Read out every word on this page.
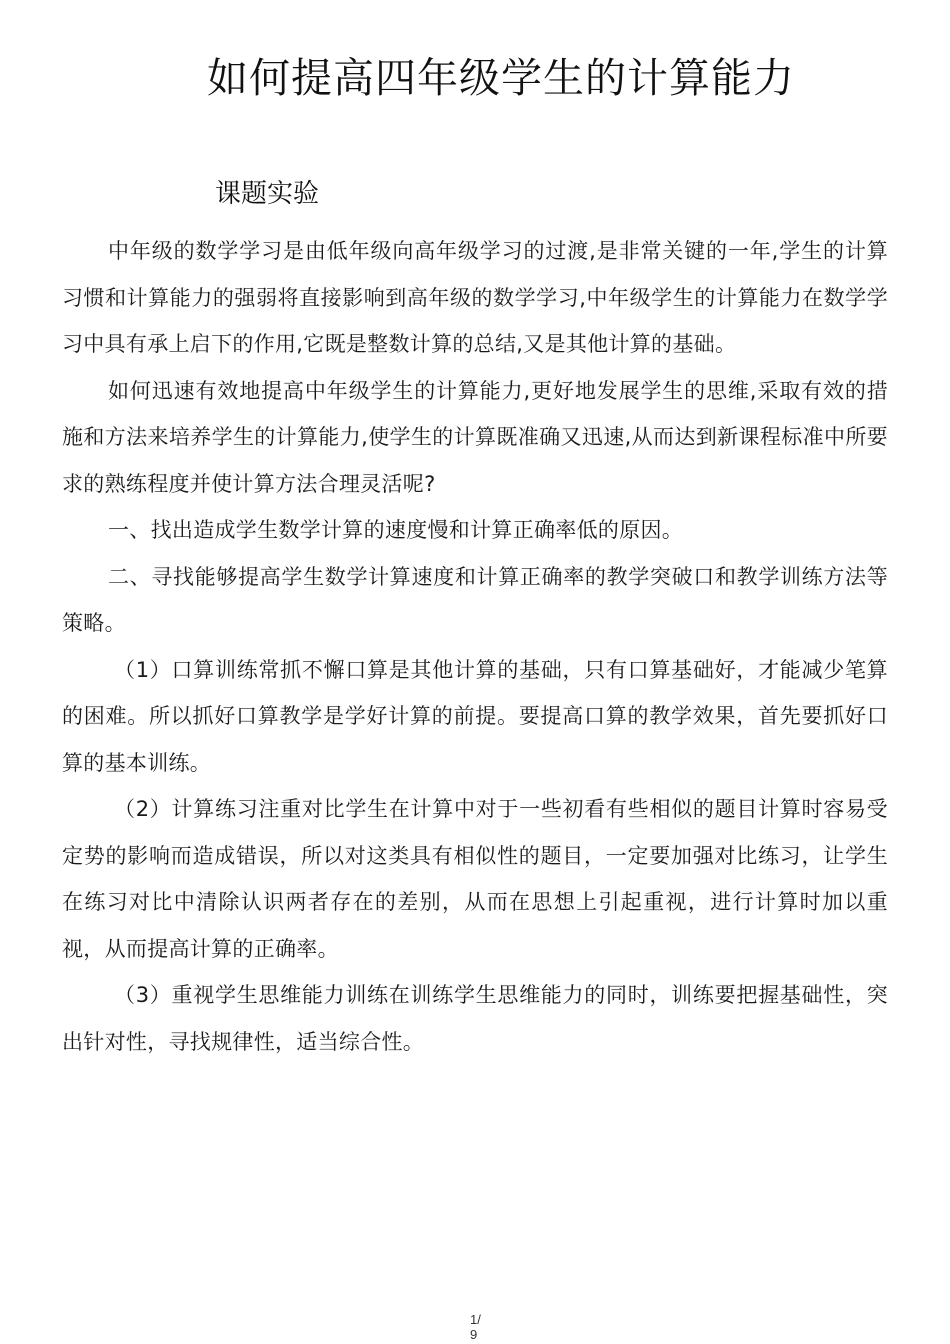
如何提高四年级学生的计算能力
课题实验

中年级的数学学习是由低年级向高年级学习的过渡,是非常关键的一年,学生的计算习惯和计算能力的强弱将直接影响到高年级的数学学习,中年级学生的计算能力在数学学习中具有承上启下的作用,它既是整数计算的总结,又是其他计算的基础。

如何迅速有效地提高中年级学生的计算能力,更好地发展学生的思维,采取有效的措施和方法来培养学生的计算能力,使学生的计算既准确又迅速,从而达到新课程标准中所要求的熟练程度并使计算方法合理灵活呢?

一、找出造成学生数学计算的速度慢和计算正确率低的原因。

二、寻找能够提高学生数学计算速度和计算正确率的教学突破口和教学训练方法等策略。

（1）口算训练常抓不懈口算是其他计算的基础，只有口算基础好，才能减少笔算的困难。所以抓好口算教学是学好计算的前提。要提高口算的教学效果，首先要抓好口算的基本训练。

（2）计算练习注重对比学生在计算中对于一些初看有些相似的题目计算时容易受定势的影响而造成错误，所以对这类具有相似性的题目，一定要加强对比练习，让学生在练习对比中清除认识两者存在的差别，从而在思想上引起重视，进行计算时加以重视，从而提高计算的正确率。

（3）重视学生思维能力训练在训练学生思维能力的同时，训练要把握基础性，突出针对性，寻找规律性，适当综合性。

1/9
